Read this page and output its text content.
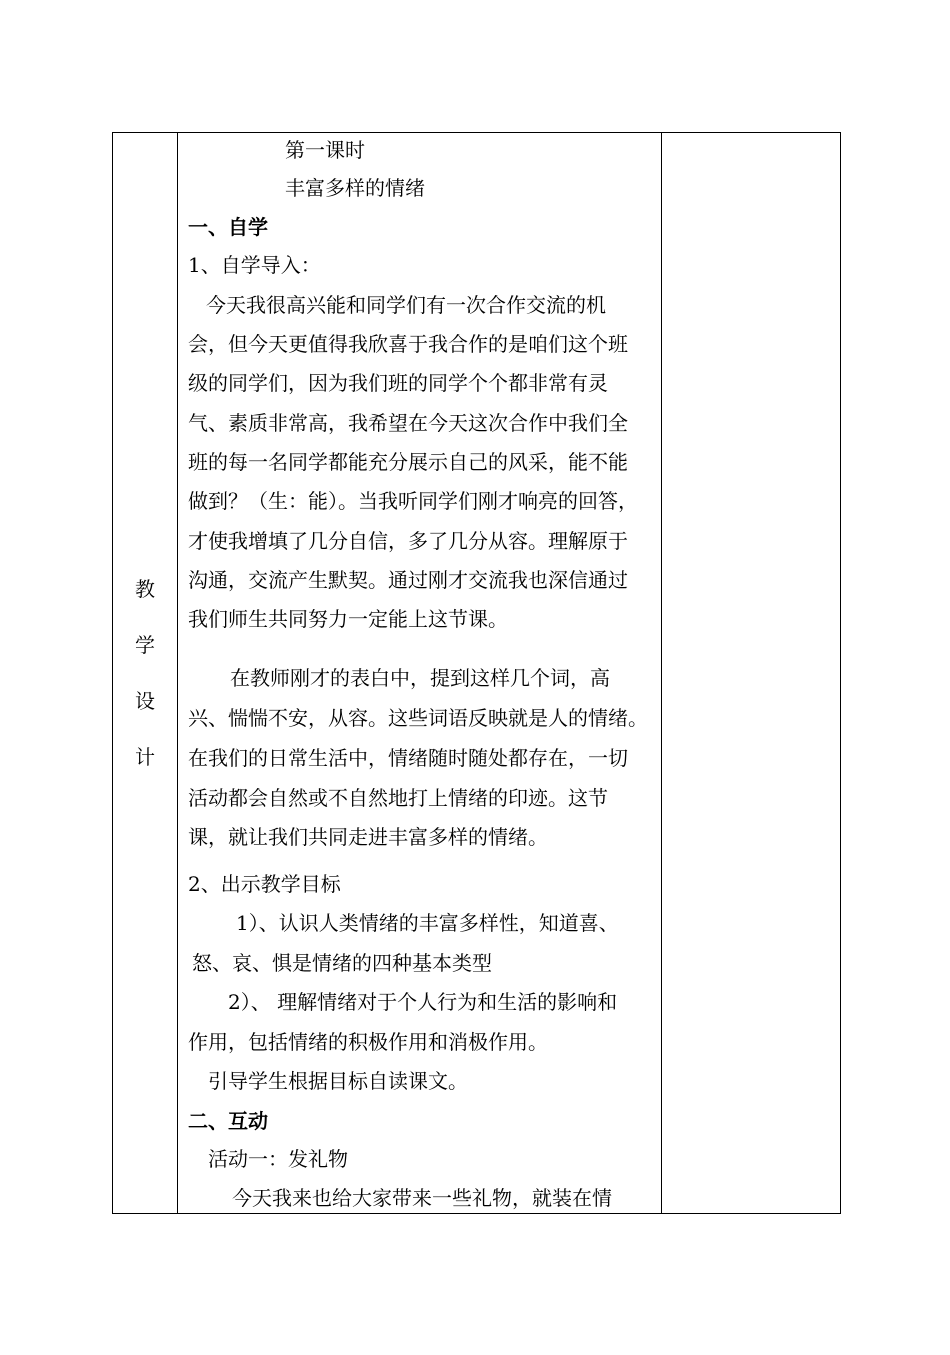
教
学
设
计

第一课时
丰富多样的情绪
一、自学
1、自学导入：
今天我很高兴能和同学们有一次合作交流的机
会，但今天更值得我欣喜于我合作的是咱们这个班
级的同学们，因为我们班的同学个个都非常有灵
气、素质非常高，我希望在今天这次合作中我们全
班的每一名同学都能充分展示自己的风采，能不能
做到？（生：能）。当我听同学们刚才响亮的回答，
才使我增填了几分自信，多了几分从容。理解原于
沟通，交流产生默契。通过刚才交流我也深信通过
我们师生共同努力一定能上这节课。
在教师刚才的表白中，提到这样几个词，高
兴、惴惴不安，从容。这些词语反映就是人的情绪。
在我们的日常生活中，情绪随时随处都存在，一切
活动都会自然或不自然地打上情绪的印迹。这节
课，就让我们共同走进丰富多样的情绪。
2、出示教学目标
1）、认识人类情绪的丰富多样性，知道喜、
怒、哀、惧是情绪的四种基本类型
2）、 理解情绪对于个人行为和生活的影响和
作用，包括情绪的积极作用和消极作用。
引导学生根据目标自读课文。
二、互动
活动一：发礼物
今天我来也给大家带来一些礼物，就装在情
